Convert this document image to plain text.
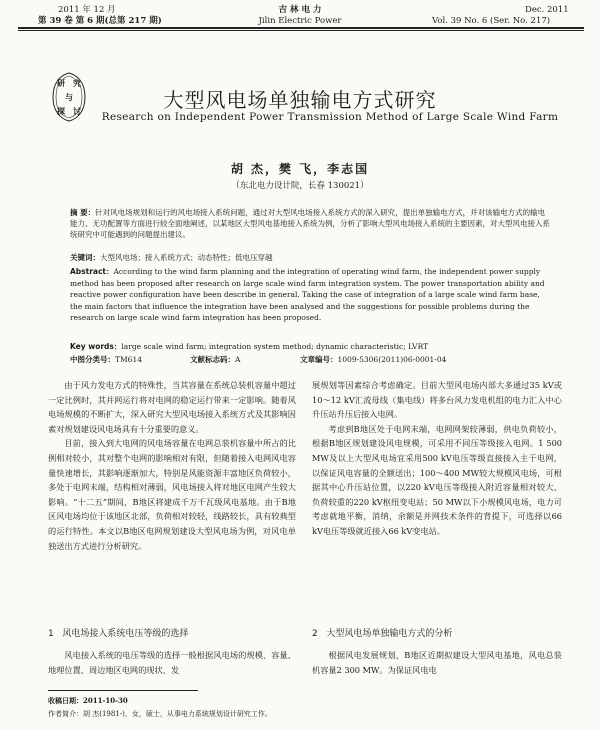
2011 年 12 月
第 39 卷 第 6 期(总第 217 期)
吉 林 电 力
Jilin Electric Power
Dec. 2011
Vol. 39 No. 6 (Ser. No. 217)
研 究
与
探 讨	大型风电场单独输电方式研究
Research on Independent Power Transmission Method of Large Scale Wind Farm
胡 杰，樊 飞，李志国
（东北电力设计院，长春 130021）
摘 要：针对风电场规划和运行的风电场接入系统问题，通过对大型风电场接入系统方式的深入研究，提出单独输电方式，并对该输电方式的输电能力、无功配置等方面进行较全面地阐述，以某地区大型风电基地接入系统为例，分析了影响大型风电场接入系统的主要因素，对大型风电接入系统研究中可能遇到的问题提出建议。
关键词：大型风电场；接入系统方式；动态特性；低电压穿越
Abstract：According to the wind farm planning and the integration of operating wind farm, the independent power supply method has been proposed after research on large scale wind farm integration system. The power transportation ability and reactive power configuration have been describe in general. Taking the case of integration of a large scale wind farm base, the main factors that influence the integration have been analysed and the suggestions for possible problems during the research on large scale wind farm integration has been proposed.
Key words：large scale wind farm; integration system method; dynamic characteristic; LVRT
中图分类号：TM614	文献标志码：A	文章编号：1009-5306(2011)06-0001-04

由于风力发电方式的特殊性，当其容量在系统总装机容量中超过一定比例时，其并网运行将对电网的稳定运行带来一定影响。随着风电场规模的不断扩大，深入研究大型风电场接入系统方式及其影响因素对规划建设风电场具有十分重要的意义。

目前，接入到大电网的风电场容量在电网总装机容量中所占的比例相对较小，其对整个电网的影响相对有限，但随着接入电网风电容量快速增长，其影响逐渐加大，特别是风能资源丰富地区负荷较小，多处于电网末端，结构相对薄弱，风电场接入将对地区电网产生较大影响。“十二五”期间，B地区将建成千万千瓦级风电基地。由于B地区风电场均位于该地区北部，负荷相对较轻，线路较长，具有较典型的运行特性。本文以B地区电网规划建设大型风电场为例，对风电单独送出方式进行分析研究。

展规划等因素综合考虑确定。目前大型风电场内部大多通过35 kV或10～12 kV汇流母线（集电线）将多台风力发电机组的电力汇入中心升压站升压后接入电网。

考虑到B地区处于电网末端，电网网架较薄弱，供电负荷较小，根据B地区规划建设风电规模，可采用不同压等级接入电网。1 500 MW及以上大型风电场宜采用500 kV电压等级直接接入主干电网，以保证风电容量的全额送出；100～400 MW较大规模风电场，可根据其中心升压站位置，以220 kV电压等级接入附近容量相对较大、负荷较重的220 kV枢纽变电站；50 MW以下小规模风电场，电力可考虑就地平衡，消纳，余额是并网技术条件的背提下，可选择以66 kV电压等级就近接入66 kV变电站。

1 风电场接入系统电压等级的选择	2 大型风电场单独输电方式的分析

风电接入系统的电压等级的选择一般根据风电场的规模、容量、地理位置、周边地区电网的现状、发

根据风电发展规划，B地区近期拟建设大型风电基地，风电总装机容量2 300 MW。为保证风电电

收稿日期：2011-10-30
作者简介：胡 杰(1981-)，女，硕士，从事电力系统规划设计研究工作。
